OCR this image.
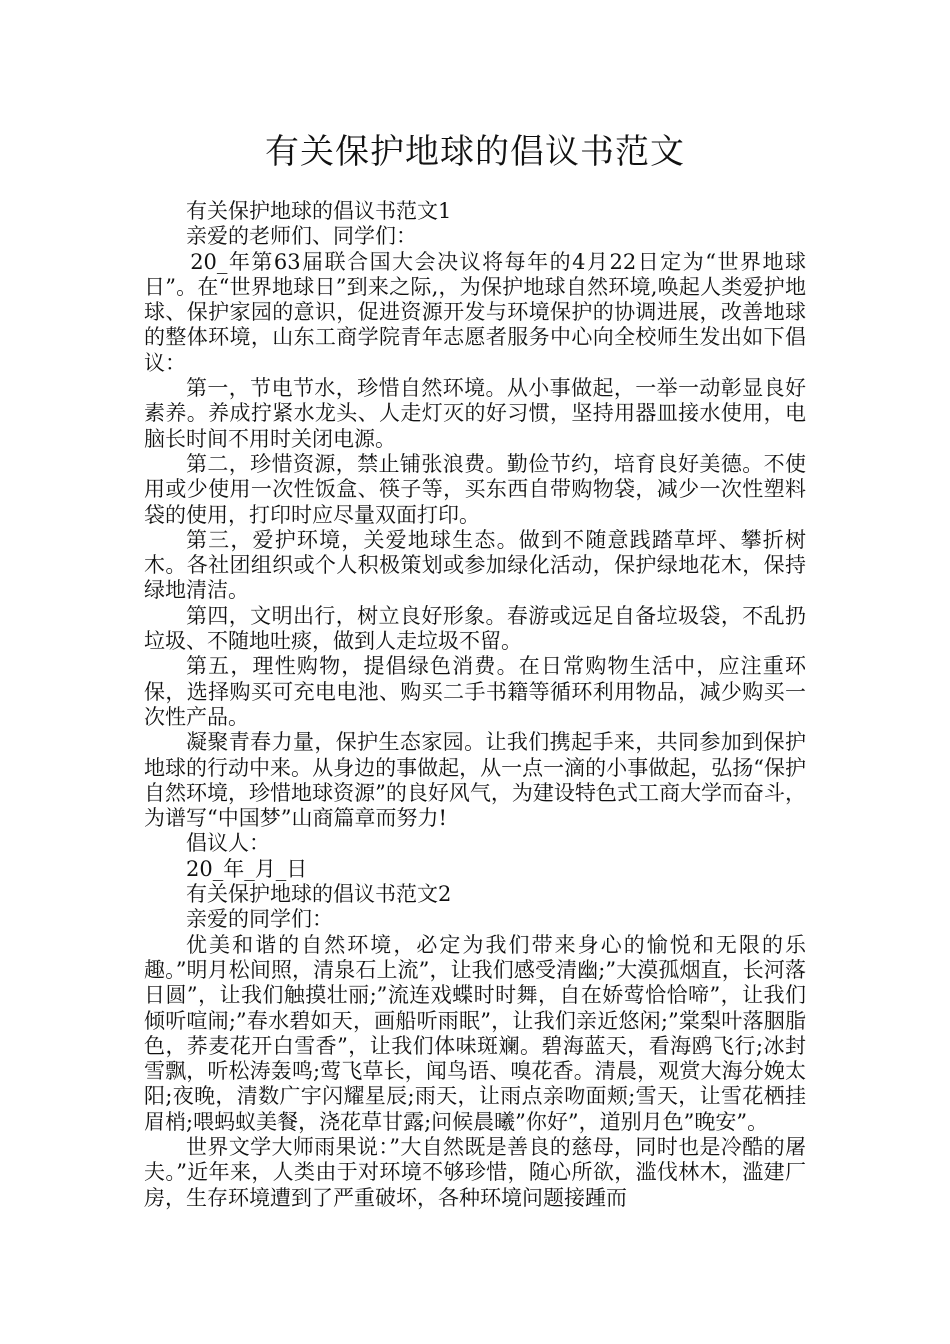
有关保护地球的倡议书范文

有关保护地球的倡议书范文1

亲爱的老师们、同学们：

20_年第63届联合国大会决议将每年的4月22日定为“世界地球日”。在“世界地球日”到来之际,，为保护地球自然环境,唤起人类爱护地球、保护家园的意识，促进资源开发与环境保护的协调进展，改善地球的整体环境，山东工商学院青年志愿者服务中心向全校师生发出如下倡议：

第一，节电节水，珍惜自然环境。从小事做起，一举一动彰显良好素养。养成拧紧水龙头、人走灯灭的好习惯，坚持用器皿接水使用，电脑长时间不用时关闭电源。

第二，珍惜资源，禁止铺张浪费。勤俭节约，培育良好美德。不使用或少使用一次性饭盒、筷子等，买东西自带购物袋，减少一次性塑料袋的使用，打印时应尽量双面打印。

第三，爱护环境，关爱地球生态。做到不随意践踏草坪、攀折树木。各社团组织或个人积极策划或参加绿化活动，保护绿地花木，保持绿地清洁。

第四，文明出行，树立良好形象。春游或远足自备垃圾袋，不乱扔垃圾、不随地吐痰，做到人走垃圾不留。

第五，理性购物，提倡绿色消费。在日常购物生活中，应注重环保，选择购买可充电电池、购买二手书籍等循环利用物品，减少购买一次性产品。

凝聚青春力量，保护生态家园。让我们携起手来，共同参加到保护地球的行动中来。从身边的事做起，从一点一滴的小事做起，弘扬“保护自然环境，珍惜地球资源”的良好风气，为建设特色式工商大学而奋斗，为谱写“中国梦”山商篇章而努力!

倡议人：

20_年_月_日

有关保护地球的倡议书范文2

亲爱的同学们：

优美和谐的自然环境，必定为我们带来身心的愉悦和无限的乐趣。”明月松间照，清泉石上流”，让我们感受清幽;”大漠孤烟直，长河落日圆”，让我们触摸壮丽;”流连戏蝶时时舞，自在娇莺恰恰啼”，让我们倾听喧闹;”春水碧如天，画船听雨眠”，让我们亲近悠闲;”棠梨叶落胭脂色，荞麦花开白雪香”，让我们体味斑斓。碧海蓝天，看海鸥飞行;冰封雪飘，听松涛轰鸣;莺飞草长，闻鸟语、嗅花香。清晨，观赏大海分娩太阳;夜晚，清数广宇闪耀星辰;雨天，让雨点亲吻面颊;雪天，让雪花栖挂眉梢;喂蚂蚁美餐，浇花草甘露;问候晨曦”你好”，道别月色”晚安”。

世界文学大师雨果说：”大自然既是善良的慈母，同时也是冷酷的屠夫。”近年来，人类由于对环境不够珍惜，随心所欲，滥伐林木，滥建厂房，生存环境遭到了严重破坏，各种环境问题接踵而
